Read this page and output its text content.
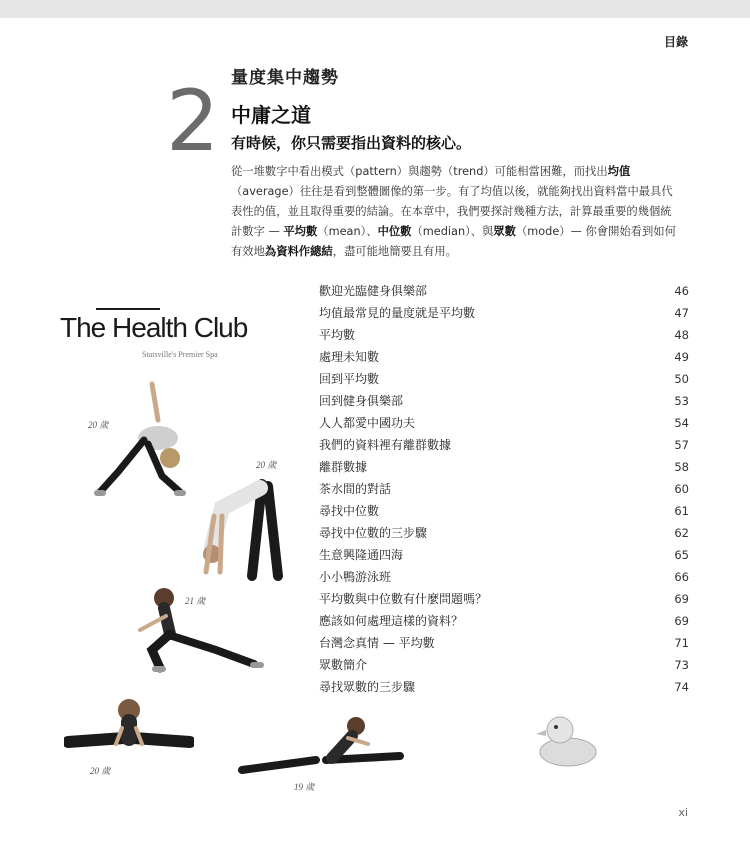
目錄
2 量度集中趨勢
中庸之道
有時候，你只需要指出資料的核心。

從一堆數字中看出模式（pattern）與趨勢（trend）可能相當困難，而找出均值（average）往往是看到整體圖像的第一步。有了均值以後，就能夠找出資料當中最具代表性的值，並且取得重要的結論。在本章中，我們要探討幾種方法，計算最重要的幾個統計數字 — 平均數（mean）、中位數（median）、與眾數（mode）— 你會開始看到如何有效地為資料作總結，盡可能地簡要且有用。

歡迎光臨健身俱樂部	46
均值最常見的量度就是平均數	47
平均數	48
處理未知數	49
回到平均數	50
回到健身俱樂部	53
人人都愛中國功夫	54
我們的資料裡有離群數據	57
離群數據	58
茶水間的對話	60
尋找中位數	61
尋找中位數的三步驟	62
生意興隆通四海	65
小小鴨游泳班	66
平均數與中位數有什麼問題嗎？	69
應該如何處理這樣的資料？	69
台灣念真情 — 平均數	71
眾數簡介	73
尋找眾數的三步驟	74
The Health Club
Statsville's Premier Spa
20 歲
20 歲
21 歲
20 歲
19 歲
xi
